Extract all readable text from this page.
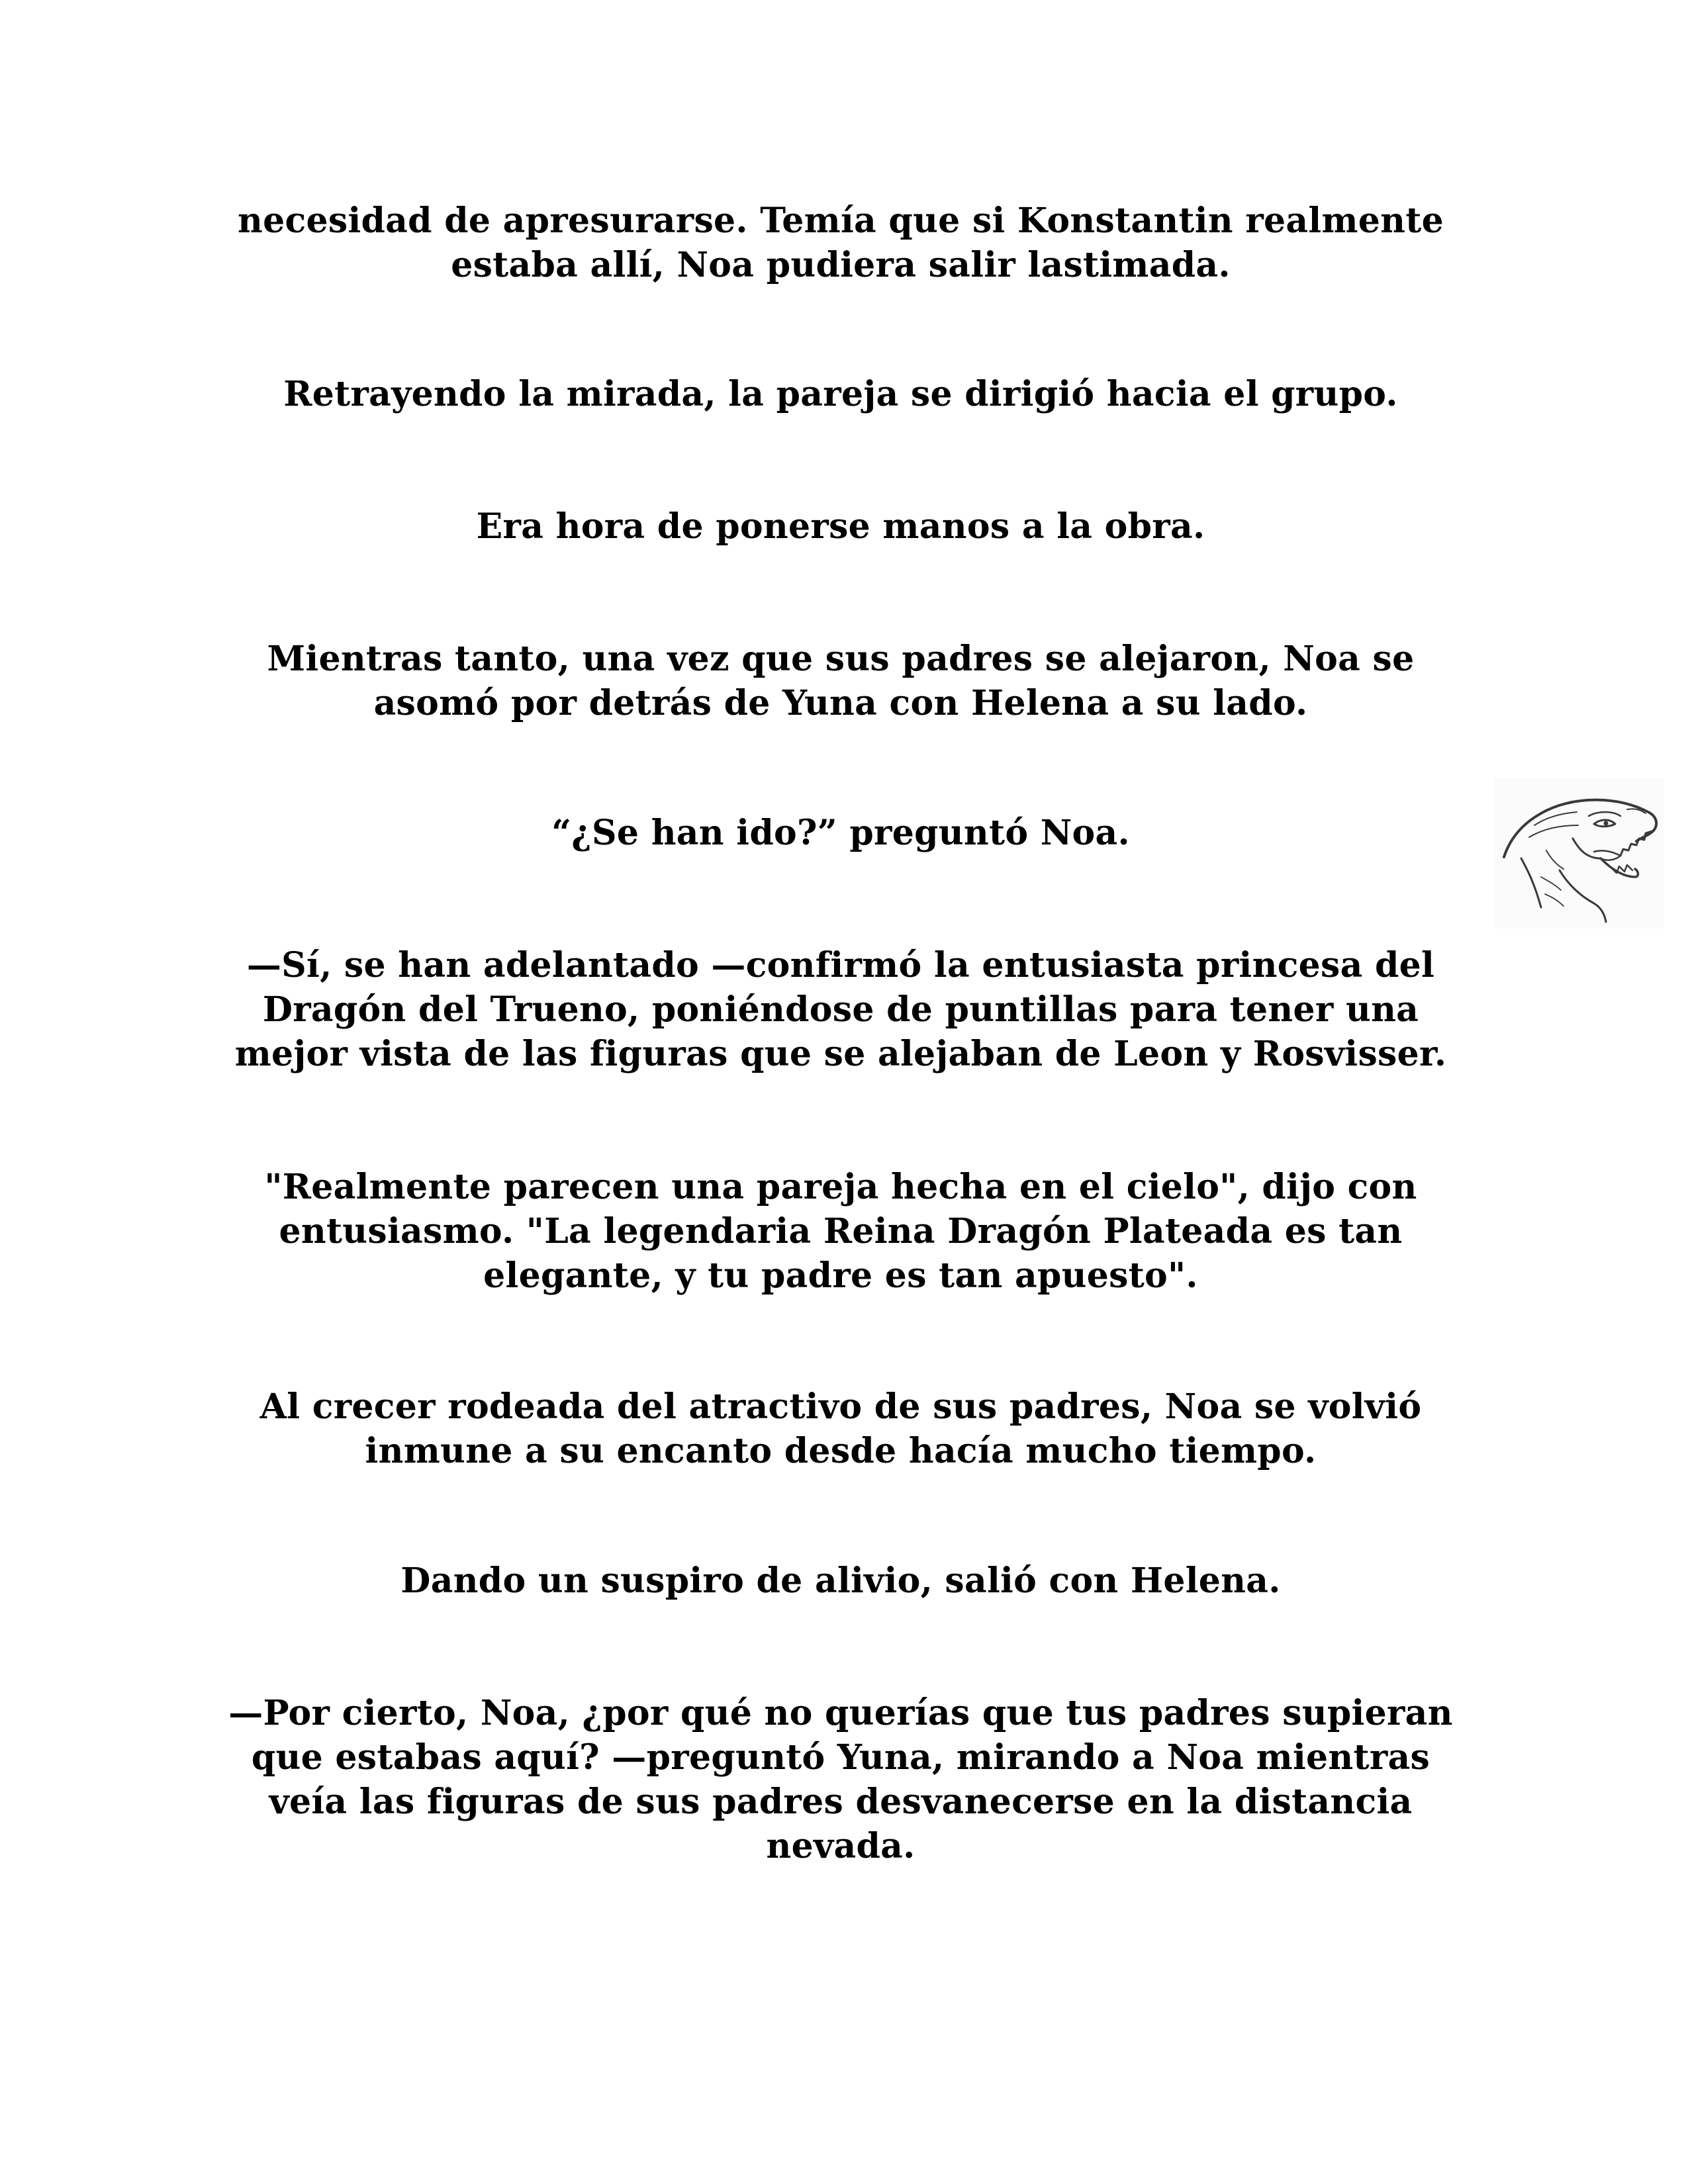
necesidad de apresurarse. Temía que si Konstantin realmente
estaba allí, Noa pudiera salir lastimada.

Retrayendo la mirada, la pareja se dirigió hacia el grupo.

Era hora de ponerse manos a la obra.

Mientras tanto, una vez que sus padres se alejaron, Noa se
asomó por detrás de Yuna con Helena a su lado.

“¿Se han ido?” preguntó Noa.

—Sí, se han adelantado —confirmó la entusiasta princesa del
Dragón del Trueno, poniéndose de puntillas para tener una
mejor vista de las figuras que se alejaban de Leon y Rosvisser.

"Realmente parecen una pareja hecha en el cielo", dijo con
entusiasmo. "La legendaria Reina Dragón Plateada es tan
elegante, y tu padre es tan apuesto".

Al crecer rodeada del atractivo de sus padres, Noa se volvió
inmune a su encanto desde hacía mucho tiempo.

Dando un suspiro de alivio, salió con Helena.

—Por cierto, Noa, ¿por qué no querías que tus padres supieran
que estabas aquí? —preguntó Yuna, mirando a Noa mientras
veía las figuras de sus padres desvanecerse en la distancia
nevada.
